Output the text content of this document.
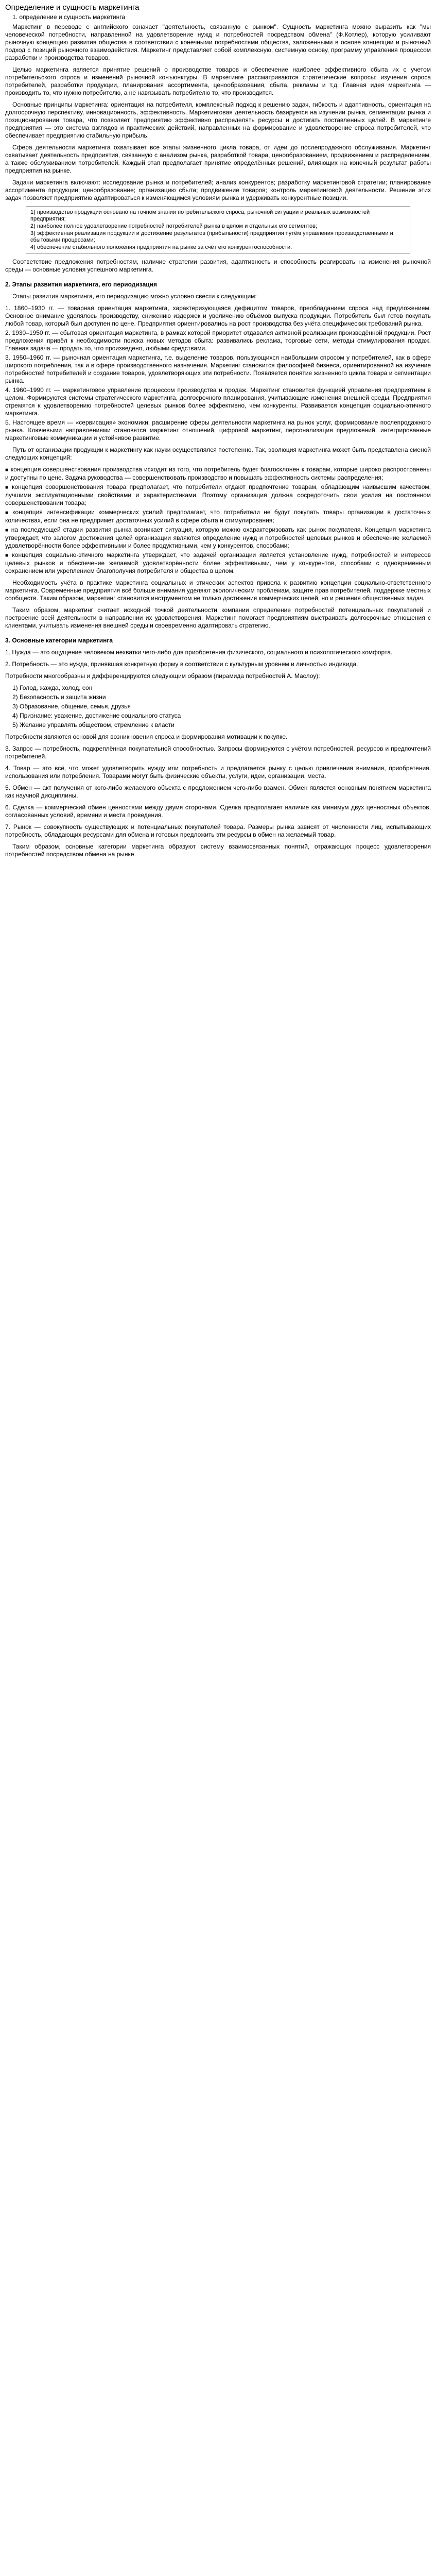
Определение и сущность маркетинга
1. определение и сущность маркетинга

Маркетинг в переводе с английского означает "деятельность, связанную с рынком". Сущность маркетинга можно выразить как "мы человеческой потребности, направленной на удовлетворение нужд и потребностей посредством обмена" (Ф.Котлер), которую усиливают рыночную концепцию развития общества в соответствии с конечными потребностями общества, заложенными в основе концепции и рыночный подход с позиций рыночного взаимодействия. Маркетинг представляет собой комплексную, системную основу, программу управления процессом разработки и производства товаров.

Целью маркетинга является принятие решений о производстве товаров и обеспечение наиболее эффективного сбыта их с учетом потребительского спроса и изменений рыночной конъюнктуры. В маркетинге рассматриваются стратегические вопросы: изучения спроса потребителей, разработки продукции, планирования ассортимента, ценообразования, сбыта, рекламы и т.д. Главная идея маркетинга — производить то, что нужно потребителю, а не навязывать потребителю то, что производится.

Основные принципы маркетинга: ориентация на потребителя, комплексный подход к решению задач, гибкость и адаптивность, ориентация на долгосрочную перспективу, инновационность, эффективность. Маркетинговая деятельность базируется на изучении рынка, сегментации рынка и позиционировании товара, что позволяет предприятию эффективно распределять ресурсы и достигать поставленных целей. В маркетинге предприятия — это система взглядов и практических действий, направленных на формирование и удовлетворение спроса потребителей, что обеспечивает предприятию стабильную прибыль.

Сфера деятельности маркетинга охватывает все этапы жизненного цикла товара, от идеи до послепродажного обслуживания. Маркетинг охватывает деятельность предприятия, связанную с анализом рынка, разработкой товара, ценообразованием, продвижением и распределением, а также обслуживанием потребителей. Каждый этап предполагает принятие определённых решений, влияющих на конечный результат работы предприятия на рынке.

Задачи маркетинга включают: исследование рынка и потребителей; анализ конкурентов; разработку маркетинговой стратегии; планирование ассортимента продукции; ценообразование; организацию сбыта; продвижение товаров; контроль маркетинговой деятельности. Решение этих задач позволяет предприятию адаптироваться к изменяющимся условиям рынка и удерживать конкурентные позиции.

1) производство продукции основано на точном знании потребительского спроса, рыночной ситуации и реальных возможностей предприятия;
2) наиболее полное удовлетворение потребностей потребителей рынка в целом и отдельных его сегментов;
3) эффективная реализация продукции и достижение результатов (прибыльности) предприятия путём управления производственными и сбытовыми процессами;
4) обеспечение стабильного положения предприятия на рынке за счёт его конкурентоспособности.

Соответствие предложения потребностям, наличие стратегии развития, адаптивность и способность реагировать на изменения рыночной среды — основные условия успешного маркетинга.

2. Этапы развития маркетинга, его периодизация

Этапы развития маркетинга, его периодизацию можно условно свести к следующим:

1. 1860–1930 гг. — товарная ориентация маркетинга, характеризующаяся дефицитом товаров, преобладанием спроса над предложением. Основное внимание уделялось производству, снижению издержек и увеличению объёмов выпуска продукции. Потребитель был готов покупать любой товар, который был доступен по цене. Предприятия ориентировались на рост производства без учёта специфических требований рынка.
2. 1930–1950 гг. — сбытовая ориентация маркетинга, в рамках которой приоритет отдавался активной реализации произведённой продукции. Рост предложения привёл к необходимости поиска новых методов сбыта: развивались реклама, торговые сети, методы стимулирования продаж. Главная задача — продать то, что произведено, любыми средствами.
3. 1950–1960 гг. — рыночная ориентация маркетинга, т.е. выделение товаров, пользующихся наибольшим спросом у потребителей, как в сфере широкого потребления, так и в сфере производственного назначения. Маркетинг становится философией бизнеса, ориентированной на изучение потребностей потребителей и создание товаров, удовлетворяющих эти потребности. Появляется понятие жизненного цикла товара и сегментации рынка.
4. 1960–1990 гг. — маркетинговое управление процессом производства и продаж. Маркетинг становится функцией управления предприятием в целом. Формируются системы стратегического маркетинга, долгосрочного планирования, учитывающие изменения внешней среды. Предприятия стремятся к удовлетворению потребностей целевых рынков более эффективно, чем конкуренты. Развивается концепция социально-этичного маркетинга.
5. Настоящее время — «сервисация» экономики, расширение сферы деятельности маркетинга на рынок услуг, формирование послепродажного рынка. Ключевыми направлениями становятся маркетинг отношений, цифровой маркетинг, персонализация предложений, интегрированные маркетинговые коммуникации и устойчивое развитие.

Путь от организации продукции к маркетингу как науки осуществлялся постепенно. Так, эволюция маркетинга может быть представлена сменой следующих концепций:

■ концепция совершенствования производства исходит из того, что потребитель будет благосклонен к товарам, которые широко распространены и доступны по цене. Задача руководства — совершенствовать производство и повышать эффективность системы распределения;
■ концепция совершенствования товара предполагает, что потребители отдают предпочтение товарам, обладающим наивысшим качеством, лучшими эксплуатационными свойствами и характеристиками. Поэтому организация должна сосредоточить свои усилия на постоянном совершенствовании товара;
■ концепция интенсификации коммерческих усилий предполагает, что потребители не будут покупать товары организации в достаточных количествах, если она не предпримет достаточных усилий в сфере сбыта и стимулирования;
■ на последующей стадии развития рынка возникает ситуация, которую можно охарактеризовать как рынок покупателя. Концепция маркетинга утверждает, что залогом достижения целей организации являются определение нужд и потребностей целевых рынков и обеспечение желаемой удовлетворённости более эффективными и более продуктивными, чем у конкурентов, способами;
■ концепция социально-этичного маркетинга утверждает, что задачей организации является установление нужд, потребностей и интересов целевых рынков и обеспечение желаемой удовлетворённости более эффективными, чем у конкурентов, способами с одновременным сохранением или укреплением благополучия потребителя и общества в целом.

Необходимость учёта в практике маркетинга социальных и этических аспектов привела к развитию концепции социально-ответственного маркетинга. Современные предприятия всё больше внимания уделяют экологическим проблемам, защите прав потребителей, поддержке местных сообществ. Таким образом, маркетинг становится инструментом не только достижения коммерческих целей, но и решения общественных задач.

Таким образом, маркетинг считает исходной точкой деятельности компании определение потребностей потенциальных покупателей и построение всей деятельности в направлении их удовлетворения. Маркетинг помогает предприятиям выстраивать долгосрочные отношения с клиентами, учитывать изменения внешней среды и своевременно адаптировать стратегию.

3. Основные категории маркетинга

1. Нужда — это ощущение человеком нехватки чего-либо для приобретения физического, социального и психологического комфорта.

2. Потребность — это нужда, принявшая конкретную форму в соответствии с культурным уровнем и личностью индивида.

Потребности многообразны и дифференцируются следующим образом (пирамида потребностей А. Маслоу):

1) Голод, жажда, холод, сон
2) Безопасность и защита жизни
3) Образование, общение, семья, друзья
4) Признание: уважение, достижение социального статуса
5) Желание управлять обществом, стремление к власти

Потребности являются основой для возникновения спроса и формирования мотивации к покупке.

3. Запрос — потребность, подкреплённая покупательной способностью. Запросы формируются с учётом потребностей, ресурсов и предпочтений потребителей.

4. Товар — это всё, что может удовлетворить нужду или потребность и предлагается рынку с целью привлечения внимания, приобретения, использования или потребления. Товарами могут быть физические объекты, услуги, идеи, организации, места.

5. Обмен — акт получения от кого-либо желаемого объекта с предложением чего-либо взамен. Обмен является основным понятием маркетинга как научной дисциплины.

6. Сделка — коммерческий обмен ценностями между двумя сторонами. Сделка предполагает наличие как минимум двух ценностных объектов, согласованных условий, времени и места проведения.

7. Рынок — совокупность существующих и потенциальных покупателей товара. Размеры рынка зависят от численности лиц, испытывающих потребность, обладающих ресурсами для обмена и готовых предложить эти ресурсы в обмен на желаемый товар.

Таким образом, основные категории маркетинга образуют систему взаимосвязанных понятий, отражающих процесс удовлетворения потребностей посредством обмена на рынке.
